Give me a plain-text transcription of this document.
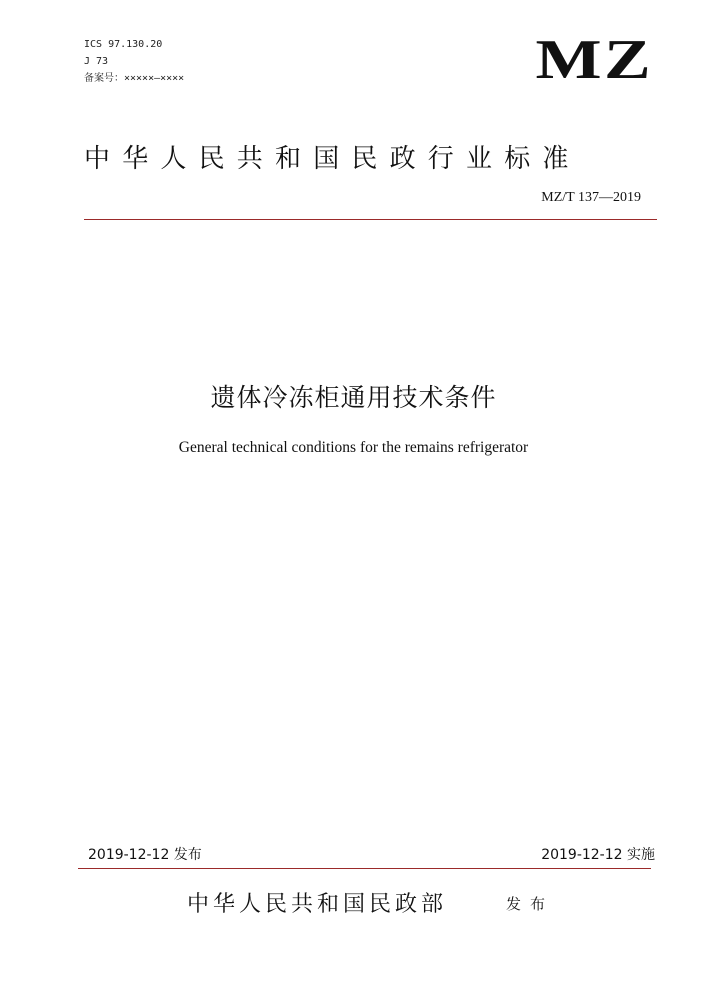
ICS 97.130.20
J 73
备案号：×××××—××××	MZ
中华人民共和国民政行业标准
MZ/T 137—2019
遗体冷冻柜通用技术条件
General technical conditions for the remains refrigerator
2019-12-12 发布	2019-12-12 实施
中华人民共和国民政部	发布
